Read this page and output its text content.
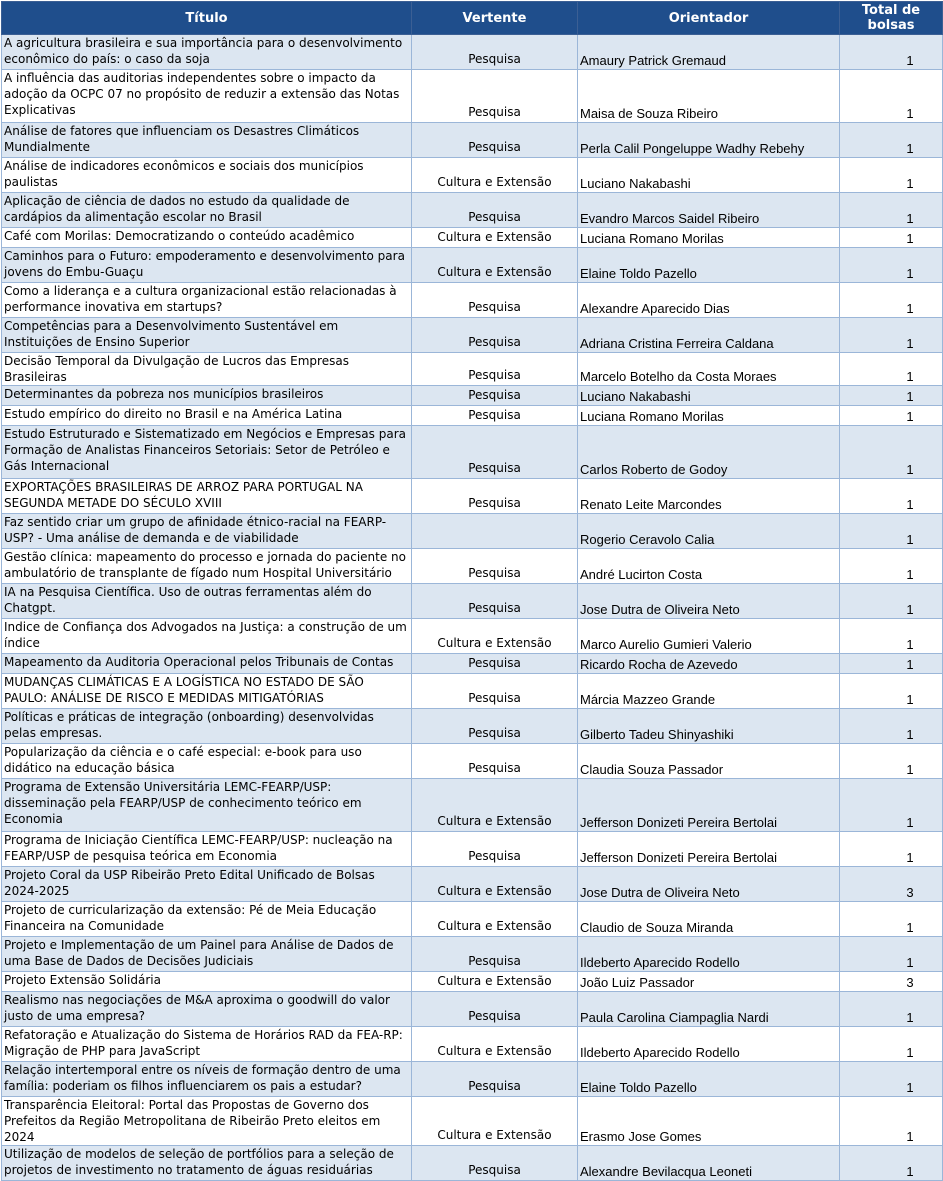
Título	Vertente	Orientador	Total de bolsas
A agricultura brasileira e sua importância para o desenvolvimento econômico do país: o caso da soja	Pesquisa	Amaury Patrick Gremaud	1
A influência das auditorias independentes sobre o impacto da adoção da OCPC 07 no propósito de reduzir a extensão das Notas Explicativas	Pesquisa	Maisa de Souza Ribeiro	1
Análise de fatores que influenciam os Desastres Climáticos Mundialmente	Pesquisa	Perla Calil Pongeluppe Wadhy Rebehy	1
Análise de indicadores econômicos e sociais dos municípios paulistas	Cultura e Extensão	Luciano Nakabashi	1
Aplicação de ciência de dados no estudo da qualidade de cardápios da alimentação escolar no Brasil	Pesquisa	Evandro Marcos Saidel Ribeiro	1
Café com Morilas: Democratizando o conteúdo acadêmico	Cultura e Extensão	Luciana Romano Morilas	1
Caminhos para o Futuro: empoderamento e desenvolvimento para jovens do Embu-Guaçu	Cultura e Extensão	Elaine Toldo Pazello	1
Como a liderança e a cultura organizacional estão relacionadas à performance inovativa em startups?	Pesquisa	Alexandre Aparecido Dias	1
Competências para a Desenvolvimento Sustentável em Instituições de Ensino Superior	Pesquisa	Adriana Cristina Ferreira Caldana	1
Decisão Temporal da Divulgação de Lucros das Empresas Brasileiras	Pesquisa	Marcelo Botelho da Costa Moraes	1
Determinantes da pobreza nos municípios brasileiros	Pesquisa	Luciano Nakabashi	1
Estudo empírico do direito no Brasil e na América Latina	Pesquisa	Luciana Romano Morilas	1
Estudo Estruturado e Sistematizado em Negócios e Empresas para Formação de Analistas Financeiros Setoriais: Setor de Petróleo e Gás Internacional	Pesquisa	Carlos Roberto de Godoy	1
EXPORTAÇÕES BRASILEIRAS DE ARROZ PARA PORTUGAL NA SEGUNDA METADE DO SÉCULO XVIII	Pesquisa	Renato Leite Marcondes	1
Faz sentido criar um grupo de afinidade étnico-racial na FEARP-USP? - Uma análise de demanda e de viabilidade		Rogerio Ceravolo Calia	1
Gestão clínica: mapeamento do processo e jornada do paciente no ambulatório de transplante de fígado num Hospital Universitário	Pesquisa	André Lucirton Costa	1
IA na Pesquisa Científica. Uso de outras ferramentas além do Chatgpt.	Pesquisa	Jose Dutra de Oliveira Neto	1
Indice de Confiança dos Advogados na Justiça: a construção de um índice	Cultura e Extensão	Marco Aurelio Gumieri Valerio	1
Mapeamento da Auditoria Operacional pelos Tribunais de Contas	Pesquisa	Ricardo Rocha de Azevedo	1
MUDANÇAS CLIMÁTICAS E A LOGÍSTICA NO ESTADO DE SÃO PAULO: ANÁLISE DE RISCO E MEDIDAS MITIGATÓRIAS	Pesquisa	Márcia Mazzeo Grande	1
Políticas e práticas de integração (onboarding) desenvolvidas pelas empresas.	Pesquisa	Gilberto Tadeu Shinyashiki	1
Popularização da ciência e o café especial: e-book para uso didático na educação básica	Pesquisa	Claudia Souza Passador	1
Programa de Extensão Universitária LEMC-FEARP/USP: disseminação pela FEARP/USP de conhecimento teórico em Economia	Cultura e Extensão	Jefferson Donizeti Pereira Bertolai	1
Programa de Iniciação Científica LEMC-FEARP/USP: nucleação na FEARP/USP de pesquisa teórica em Economia	Pesquisa	Jefferson Donizeti Pereira Bertolai	1
Projeto Coral da USP Ribeirão Preto Edital Unificado de Bolsas 2024-2025	Cultura e Extensão	Jose Dutra de Oliveira Neto	3
Projeto de curricularização da extensão: Pé de Meia Educação Financeira na Comunidade	Cultura e Extensão	Claudio de Souza Miranda	1
Projeto e Implementação de um Painel para Análise de Dados de uma Base de Dados de Decisões Judiciais	Pesquisa	Ildeberto Aparecido Rodello	1
Projeto Extensão Solidária	Cultura e Extensão	João Luiz Passador	3
Realismo nas negociações de M&A aproxima o goodwill do valor justo de uma empresa?	Pesquisa	Paula Carolina Ciampaglia Nardi	1
Refatoração e Atualização do Sistema de Horários RAD da FEA-RP: Migração de PHP para JavaScript	Cultura e Extensão	Ildeberto Aparecido Rodello	1
Relação intertemporal entre os níveis de formação dentro de uma família: poderiam os filhos influenciarem os pais a estudar?	Pesquisa	Elaine Toldo Pazello	1
Transparência Eleitoral: Portal das Propostas de Governo dos Prefeitos da Região Metropolitana de Ribeirão Preto eleitos em 2024	Cultura e Extensão	Erasmo Jose Gomes	1
Utilização de modelos de seleção de portfólios para a seleção de projetos de investimento no tratamento de águas residuárias	Pesquisa	Alexandre Bevilacqua Leoneti	1
